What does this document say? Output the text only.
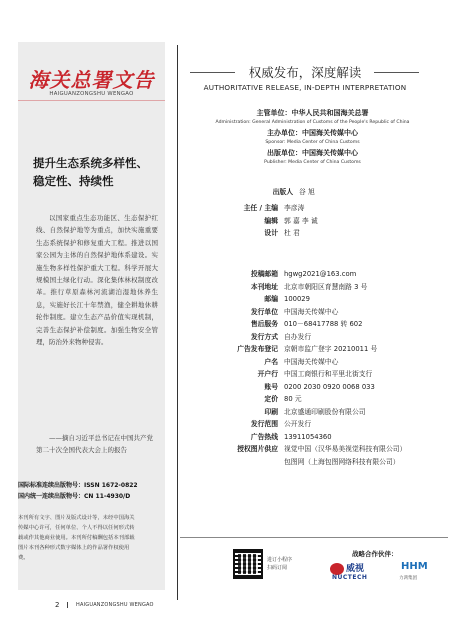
海关总署文告
HAIGUANZONGSHU WENGAO
提升生态系统多样性、
稳定性、持续性
以国家重点生态功能区、生态保护红线、自然保护地等为重点，加快实施重要生态系统保护和修复重大工程。推进以国家公园为主体的自然保护地体系建设。实施生物多样性保护重大工程。科学开展大规模国土绿化行动。深化集体林权制度改革。推行草原森林河流湖泊湿地休养生息，实施好长江十年禁渔，健全耕地休耕轮作制度。建立生态产品价值实现机制，完善生态保护补偿制度。加强生物安全管理，防治外来物种侵害。
——摘自习近平总书记在中国共产党第二十次全国代表大会上的报告
国际标准连续出版物号：ISSN 1672-0822
国内统一连续出版物号：CN 11-4930/D
本刊所有文字、图片及版式设计等，未经中国海关传媒中心许可，任何单位、个人不得以任何形式转载或作其他商业使用。本刊所付稿酬包括本刊部载图片本刊各种形式数字媒体上的作品署作权使用费。
权威发布，深度解读
AUTHORITATIVE RELEASE, IN-DEPTH INTERPRETATION
主管单位：中华人民共和国海关总署
Administration: General Administration of Customs of the People's Republic of China
主办单位：中国海关传媒中心
Sponsor: Media Center of China Customs
出版单位：中国海关传媒中心
Publisher: Media Center of China Customs
出版人 谷 旭
主任 / 主编 李彦涛
编辑 郭 嘉 李 诚
设计 杜 君
投稿邮箱 hgwg2021@163.com
本刊地址 北京市朝阳区育慧南路 3 号
邮编 100029
发行单位 中国海关传媒中心
售后服务 010－68417788 转 602
发行方式 自办发行
广告发布登记 京朝市监广登字 20210011 号
户名 中国海关传媒中心
开户行 中国工商银行和平里北街支行
账号 0200 2030 0920 0068 033
定价 80 元
印刷 北京盛通印刷股份有限公司
发行范围 公开发行
广告热线 13911054360
授权图片供应 视觉中国（汉华易美视觉科技有限公司）
包图网（上海包图网络科技有限公司）
进订小程序
扫码订阅
战略合作伙伴：
威视
NUCTECH
HHM
力鸿集团
2	HAIGUANZONGSHU WENGAO
